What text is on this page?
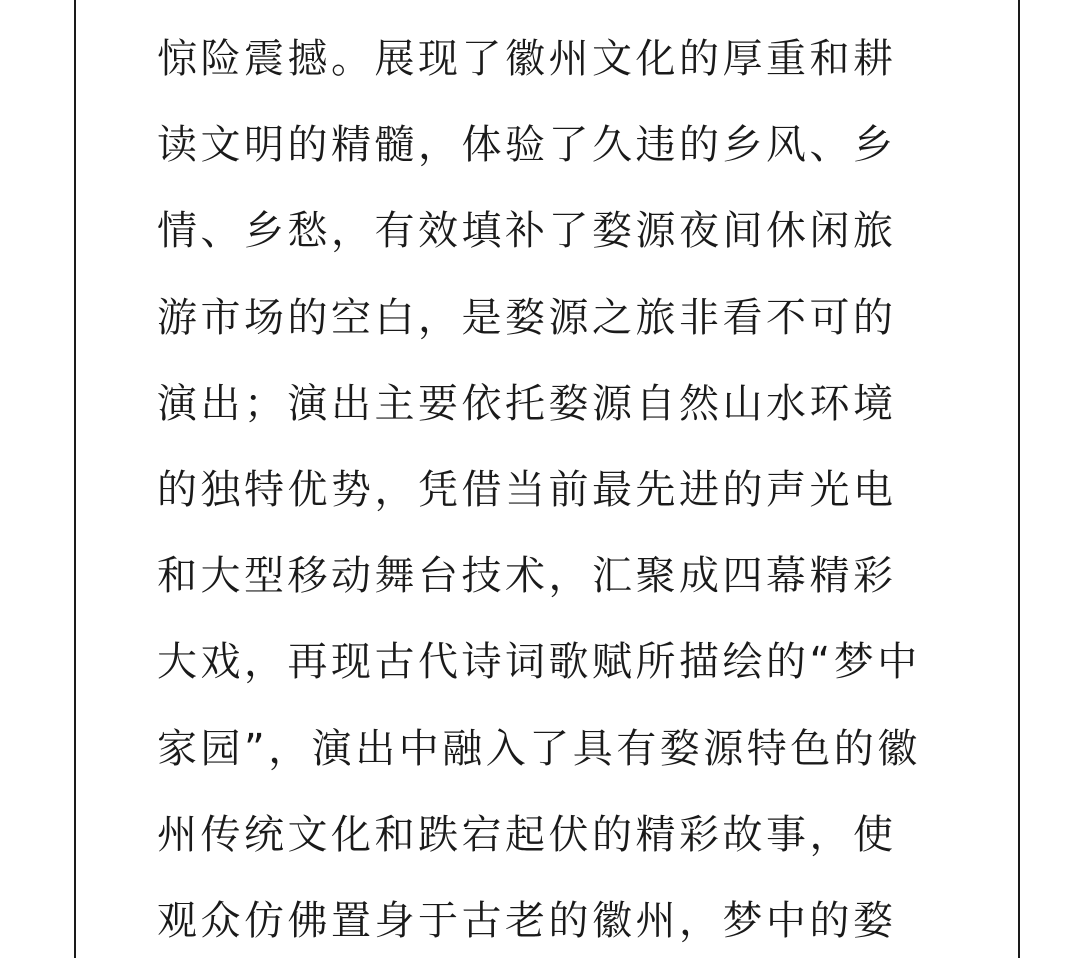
惊险震撼。展现了徽州文化的厚重和耕
读文明的精髓，体验了久违的乡风、乡
情、乡愁，有效填补了婺源夜间休闲旅
游市场的空白，是婺源之旅非看不可的
演出；演出主要依托婺源自然山水环境
的独特优势，凭借当前最先进的声光电
和大型移动舞台技术，汇聚成四幕精彩
大戏，再现古代诗词歌赋所描绘的“梦中
家园”，演出中融入了具有婺源特色的徽
州传统文化和跌宕起伏的精彩故事，使
观众仿佛置身于古老的徽州，梦中的婺
